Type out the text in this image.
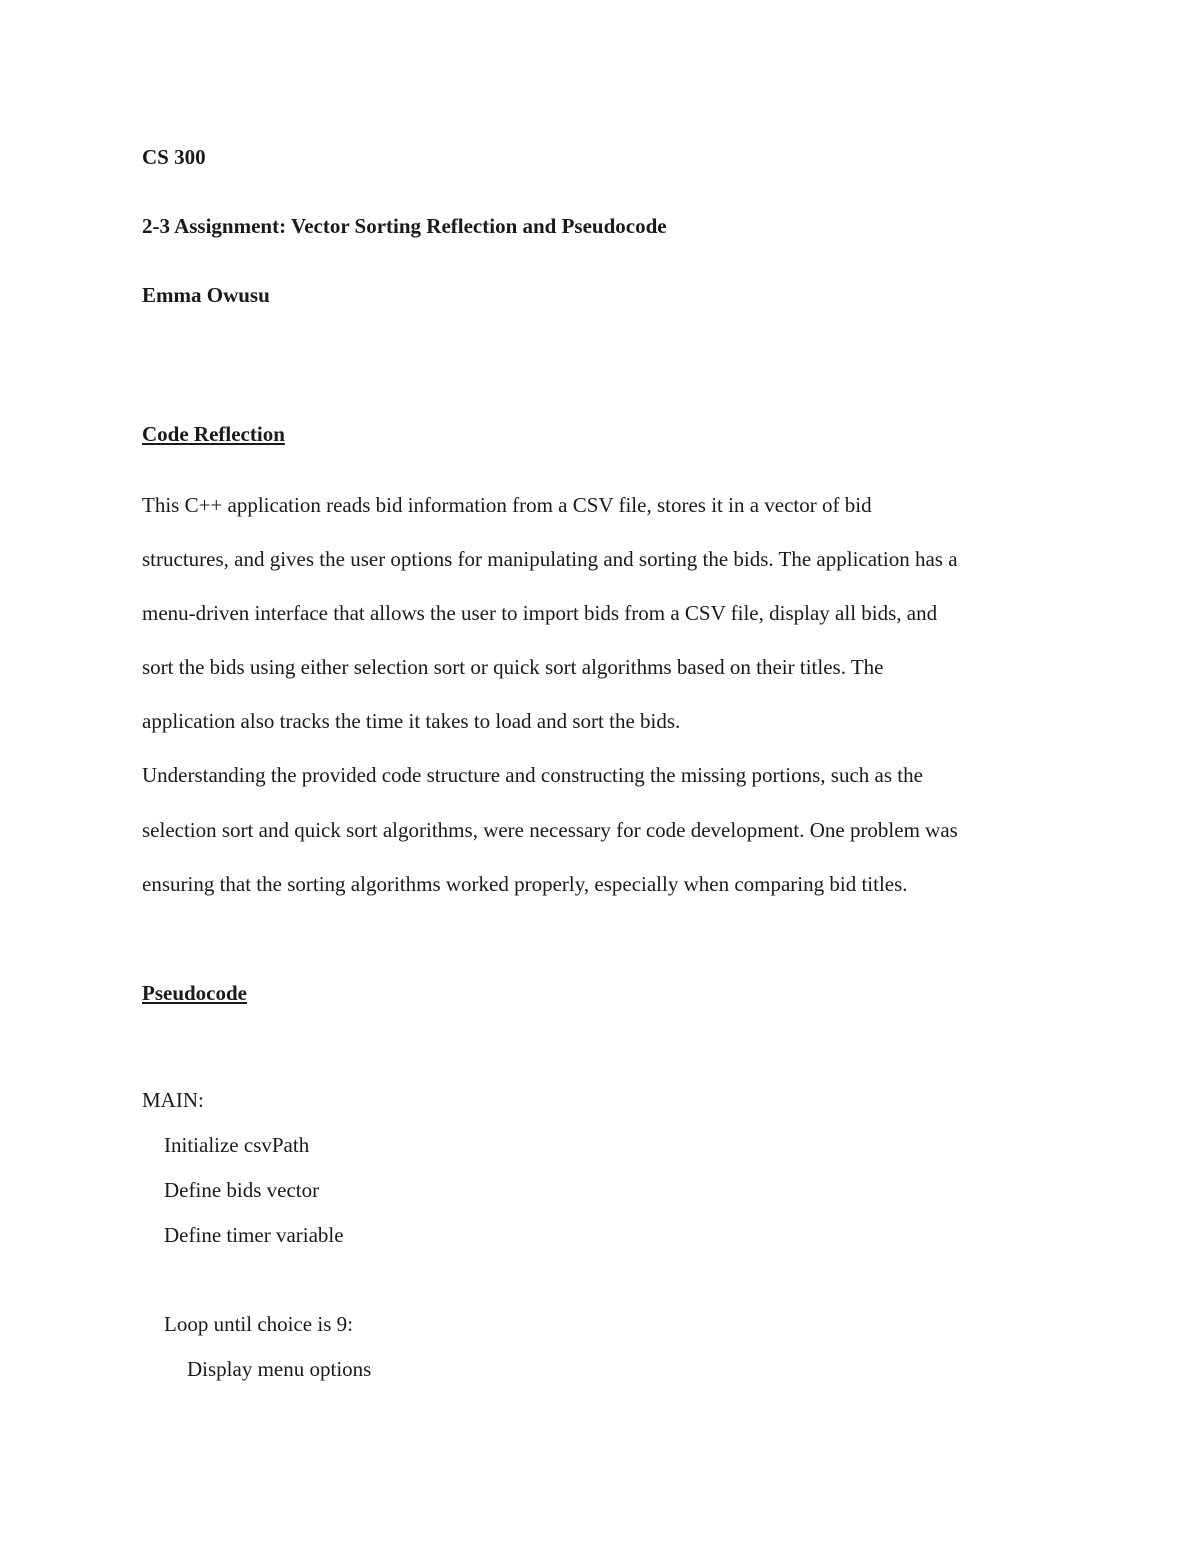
CS 300
2-3 Assignment: Vector Sorting Reflection and Pseudocode
Emma Owusu
Code Reflection
This C++ application reads bid information from a CSV file, stores it in a vector of bid
structures, and gives the user options for manipulating and sorting the bids. The application has a
menu-driven interface that allows the user to import bids from a CSV file, display all bids, and
sort the bids using either selection sort or quick sort algorithms based on their titles. The
application also tracks the time it takes to load and sort the bids.
Understanding the provided code structure and constructing the missing portions, such as the
selection sort and quick sort algorithms, were necessary for code development. One problem was
ensuring that the sorting algorithms worked properly, especially when comparing bid titles.
Pseudocode
MAIN:
Initialize csvPath
Define bids vector
Define timer variable
Loop until choice is 9:
Display menu options
